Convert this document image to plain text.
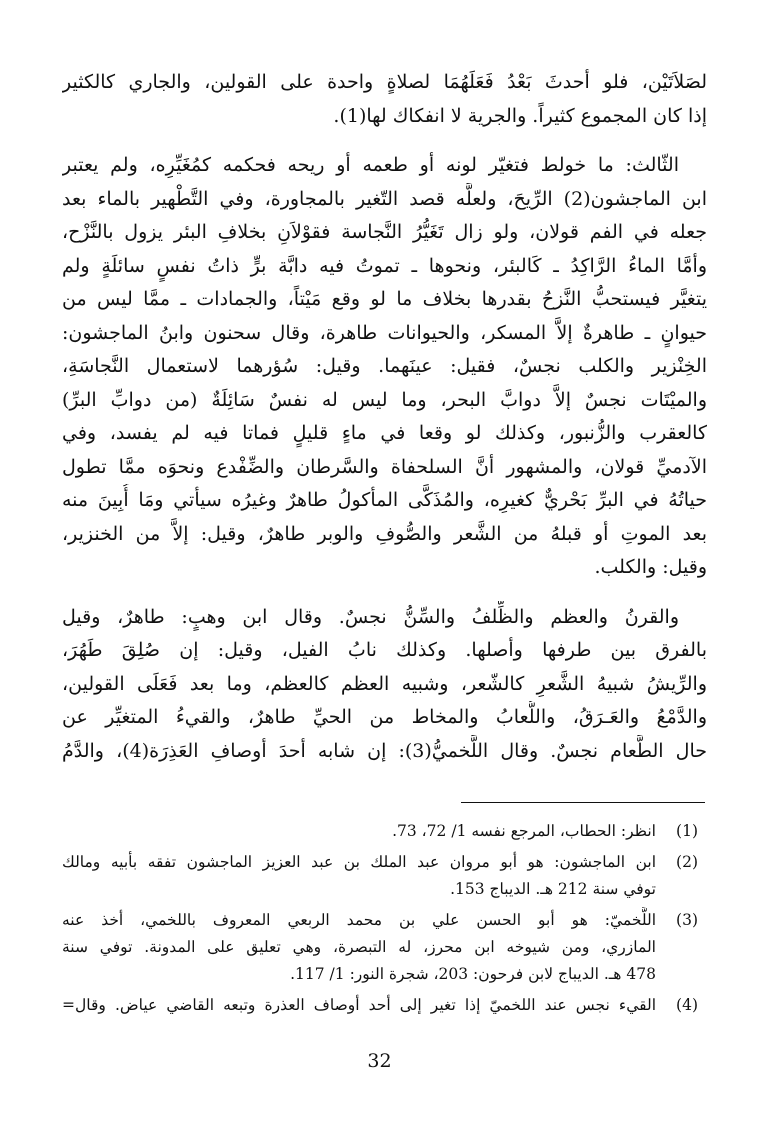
لصَلاَتَيْن، فلو أحدثَ بَعْدُ فَعَلَهُمَا لصلاةٍ واحدة على القولين، والجاري كالكثير
إذا كان المجموع كثيراً. والجرية لا انفكاك لها(1).

الثّالث: ما خولط فتغيّر لونه أو طعمه أو ريحه فحكمه كمُغَيِّرِه، ولم يعتبر
ابن الماجشون(2) الرِّيحَ، ولعلَّه قصد التّغير بالمجاورة، وفي التَّطْهير بالماء بعد
جعله في الفم قولان، ولو زال تَغَيُّرُ النَّجاسة فقوْلاَنِ بخلافِ البئر يزول بالنَّزْح،
وأمَّا الماءُ الرَّاكِدُ ـ كَالبئر، ونحوها ـ تموتُ فيه دابَّة برٍّ ذاتُ نفسٍ سائلَةٍ ولم
يتغيَّر فيستحبُّ النَّزحُ بقدرها بخلاف ما لو وقع مَيْتاً، والجمادات ـ ممَّا ليس من
حيوانٍ ـ طاهرةٌ إلاَّ المسكر، والحيوانات طاهرة، وقال سحنون وابنُ الماجشون:
الخِنْزير والكلب نجسٌ، فقيل: عينَهما. وقيل: سُؤرهما لاستعمال النَّجاسَةِ،
والميْتَات نجسٌ إلاَّ دوابَّ البحر، وما ليس له نفسٌ سَائِلَةٌ (من دوابِّ البرِّ)
كالعقرب والزُّنبور، وكذلك لو وقعا في ماءٍ قليلٍ فماتا فيه لم يفسد، وفي
الآدميِّ قولان، والمشهور أنَّ السلحفاة والسَّرطان والضِّفْدع ونحوَه ممَّا تطول
حياتُهُ في البرِّ بَحْريٌّ كغيرِه، والمُذَكَّى المأكولُ طاهرٌ وغيرُه سيأتي ومَا أُبِينَ منه
بعد الموتِ أو قبلهُ من الشَّعر والصُّوفِ والوبر طاهرٌ، وقيل: إلاَّ من الخنزير،
وقيل: والكلب.

والقرنُ والعظم والظِّلفُ والسِّنُّ نجسٌ. وقال ابن وهبٍ: طاهرٌ، وقيل
بالفرق بين طرفها وأصلها. وكذلك نابُ الفيل، وقيل: إن صُلِقَ طَهُرَ،
والرِّيشُ شبيهُ الشَّعرِ كالشّعر، وشبيه العظم كالعظم، وما بعد فَعَلَى القولين،
والدَّمْعُ والعَـرَقُ، واللُّعابُ والمخاط من الحيِّ طاهرٌ، والقيءُ المتغيِّر عن
حال الطَّعام نجسٌ. وقال اللَّخميُّ(3): إن شابه أحدَ أوصافِ العَذِرَة(4)، والدَّمُ

(1)
انظر: الحطاب، المرجع نفسه 1/ 72، 73.
(2)
ابن الماجشون: هو أبو مروان عبد الملك بن عبد العزيز الماجشون تفقه بأبيه ومالك
توفي سنة 212 هـ. الديباج 153.
(3)
اللَّخميّ: هو أبو الحسن علي بن محمد الربعي المعروف باللخمي، أخذ عنه
المازري، ومن شيوخه ابن محرز، له التبصرة، وهي تعليق على المدونة. توفي سنة
478 هـ. الديباج لابن فرحون: 203، شجرة النور: 1/ 117.
(4)
القيء نجس عند اللخميّ إذا تغير إلى أحد أوصاف العذرة وتبعه القاضي عياض. وقال=
32
